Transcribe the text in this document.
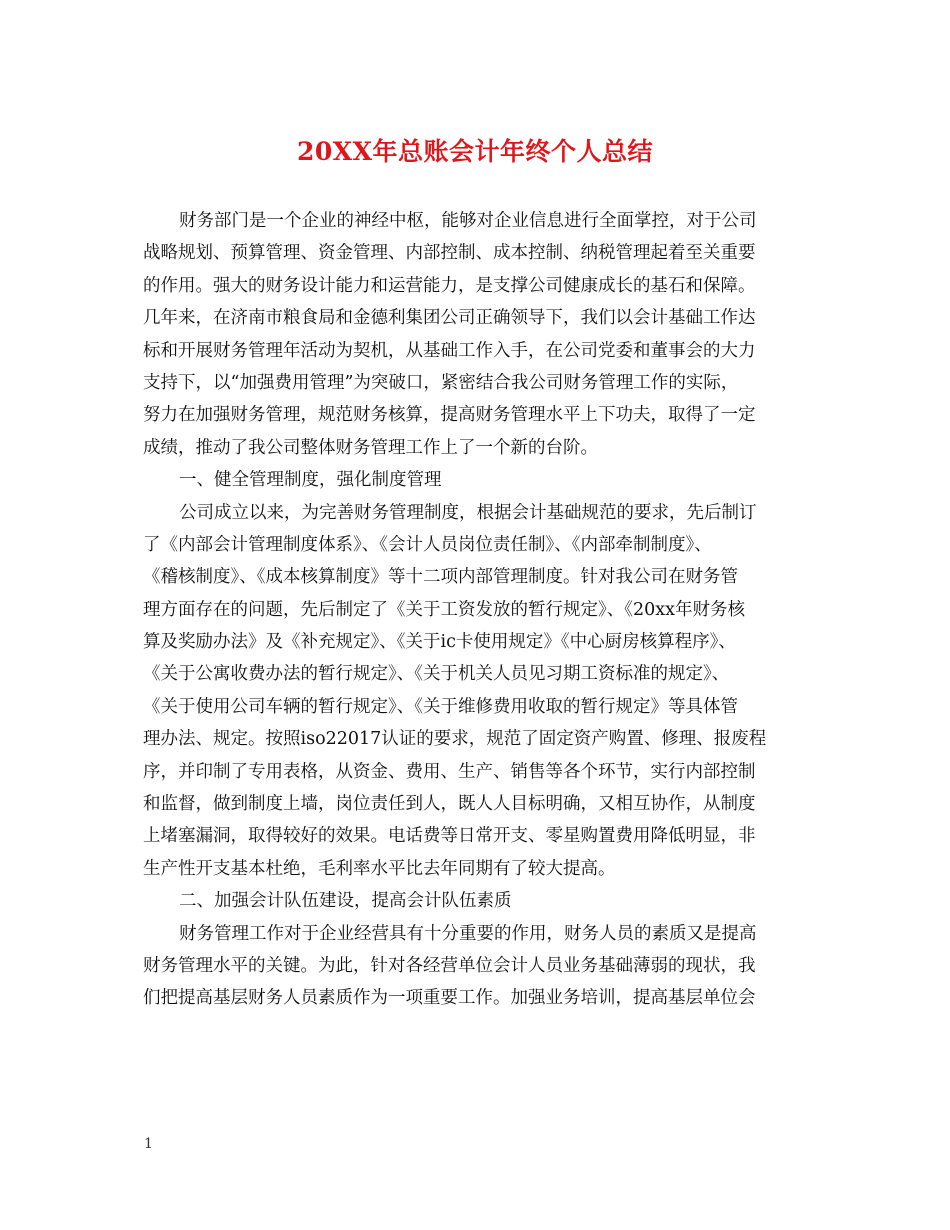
20XX年总账会计年终个人总结
财务部门是一个企业的神经中枢，能够对企业信息进行全面掌控，对于公司
战略规划、预算管理、资金管理、内部控制、成本控制、纳税管理起着至关重要
的作用。强大的财务设计能力和运营能力，是支撑公司健康成长的基石和保障。
几年来，在济南市粮食局和金德利集团公司正确领导下，我们以会计基础工作达
标和开展财务管理年活动为契机，从基础工作入手，在公司党委和董事会的大力
支持下，以“加强费用管理”为突破口，紧密结合我公司财务管理工作的实际，
努力在加强财务管理，规范财务核算，提高财务管理水平上下功夫，取得了一定
成绩，推动了我公司整体财务管理工作上了一个新的台阶。
一、健全管理制度，强化制度管理
公司成立以来，为完善财务管理制度，根据会计基础规范的要求，先后制订
了《内部会计管理制度体系》、《会计人员岗位责任制》、《内部牵制制度》、
《稽核制度》、《成本核算制度》等十二项内部管理制度。针对我公司在财务管
理方面存在的问题，先后制定了《关于工资发放的暂行规定》、《20xx年财务核
算及奖励办法》及《补充规定》、《关于ic卡使用规定》《中心厨房核算程序》、
《关于公寓收费办法的暂行规定》、《关于机关人员见习期工资标准的规定》、
《关于使用公司车辆的暂行规定》、《关于维修费用收取的暂行规定》等具体管
理办法、规定。按照iso22017认证的要求，规范了固定资产购置、修理、报废程
序，并印制了专用表格，从资金、费用、生产、销售等各个环节，实行内部控制
和监督，做到制度上墙，岗位责任到人，既人人目标明确，又相互协作，从制度
上堵塞漏洞，取得较好的效果。电话费等日常开支、零星购置费用降低明显，非
生产性开支基本杜绝，毛利率水平比去年同期有了较大提高。
二、加强会计队伍建设，提高会计队伍素质
财务管理工作对于企业经营具有十分重要的作用，财务人员的素质又是提高
财务管理水平的关键。为此，针对各经营单位会计人员业务基础薄弱的现状，我
们把提高基层财务人员素质作为一项重要工作。加强业务培训，提高基层单位会
1
